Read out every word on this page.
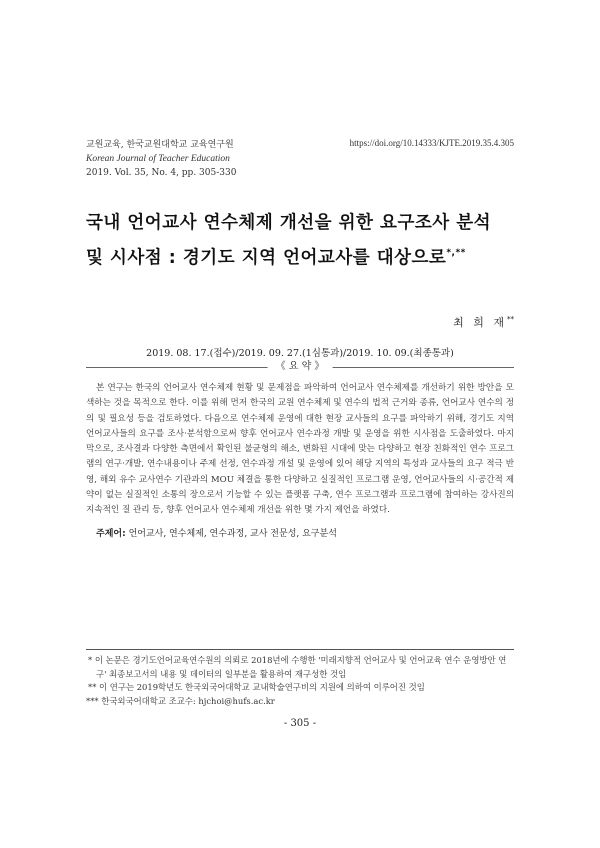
교원교육, 한국교원대학교 교육연구원
Korean Journal of Teacher Education
2019. Vol. 35, No. 4, pp. 305-330
https://doi.org/10.14333/KJTE.2019.35.4.305
국내 언어교사 연수체제 개선을 위한 요구조사 분석
및 시사점 : 경기도 지역 언어교사를 대상으로*,**
최 희 재**
2019. 08. 17.(접수)/2019. 09. 27.(1심통과)/2019. 10. 09.(최종통과)
《 요 약 》
본 연구는 한국의 언어교사 연수체제 현황 및 문제점을 파악하여 언어교사 연수체제를 개선하기 위한 방안을 모색하는 것을 목적으로 한다. 이를 위해 먼저 한국의 교원 연수체제 및 연수의 법적 근거와 종류, 언어교사 연수의 정의 및 필요성 등을 검토하였다. 다음으로 연수체제 운영에 대한 현장 교사들의 요구를 파악하기 위해, 경기도 지역 언어교사들의 요구를 조사·분석함으로써 향후 언어교사 연수과정 개발 및 운영을 위한 시사점을 도출하였다. 마지막으로, 조사결과 다양한 측면에서 확인된 불균형의 해소, 변화된 시대에 맞는 다양하고 현장 친화적인 연수 프로그램의 연구·개발, 연수내용이나 주제 선정, 연수과정 개설 및 운영에 있어 해당 지역의 특성과 교사들의 요구 적극 반영, 해외 유수 교사연수 기관과의 MOU 체결을 통한 다양하고 실질적인 프로그램 운영, 언어교사들의 시·공간적 제약이 없는 실질적인 소통의 장으로서 기능할 수 있는 플랫폼 구축, 연수 프로그램과 프로그램에 참여하는 강사진의 지속적인 질 관리 등, 향후 언어교사 연수체제 개선을 위한 몇 가지 제언을 하였다.
주제어: 언어교사, 연수체제, 연수과정, 교사 전문성, 요구분석
* 이 논문은 경기도언어교육연수원의 의뢰로 2018년에 수행한 '미래지향적 언어교사 및 언어교육 연수 운영방안 연구' 최종보고서의 내용 및 데이터의 일부분을 활용하여 재구성한 것임
** 이 연구는 2019학년도 한국외국어대학교 교내학술연구비의 지원에 의하여 이루어진 것임
*** 한국외국어대학교 조교수: hjchoi@hufs.ac.kr
- 305 -
